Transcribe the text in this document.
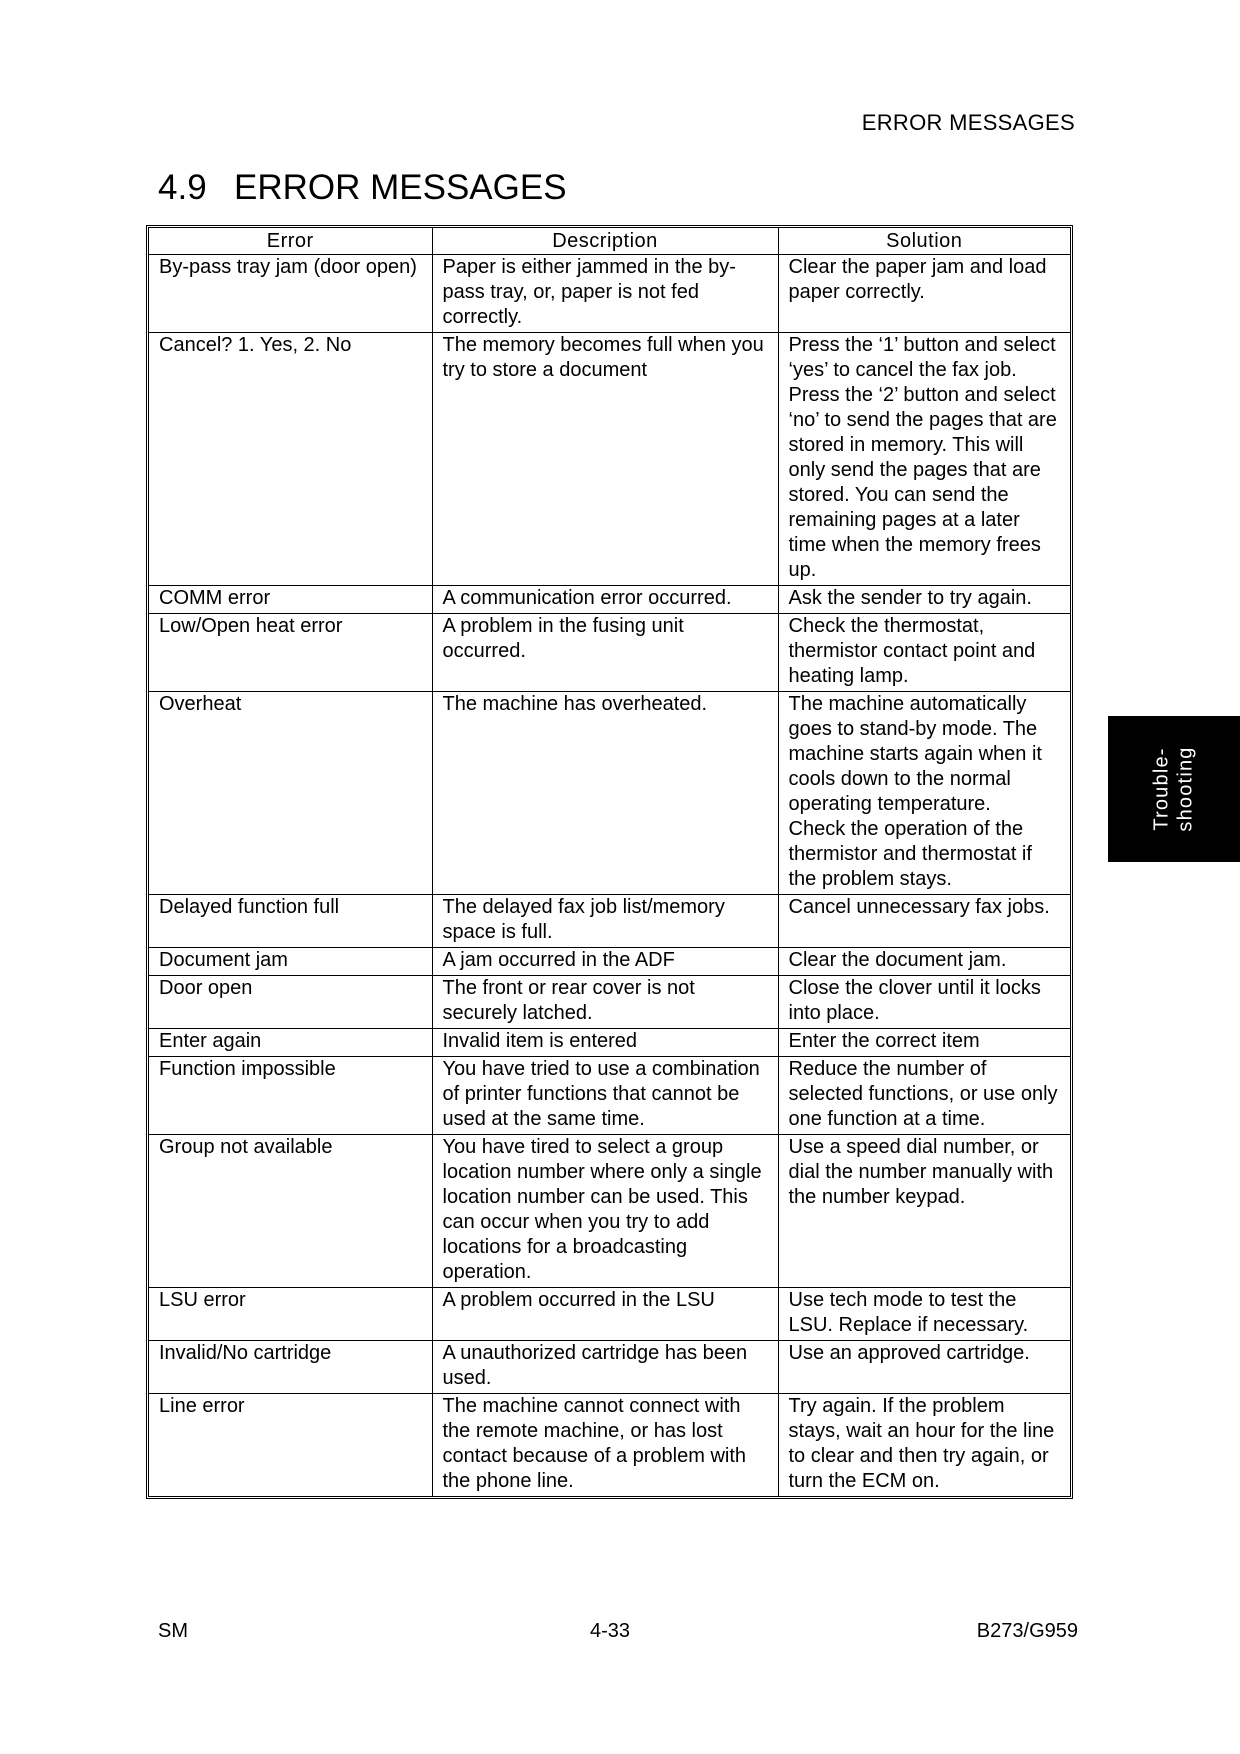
ERROR MESSAGES
4.9 ERROR MESSAGES
Error	Description	Solution
By-pass tray jam (door open)	Paper is either jammed in the by-pass tray, or, paper is not fed correctly.	Clear the paper jam and load paper correctly.

Cancel? 1. Yes, 2. No	The memory becomes full when you try to store a document	Press the ‘1’ button and select ‘yes’ to cancel the fax job.
Press the ‘2’ button and select ‘no’ to send the pages that are stored in memory. This will only send the pages that are stored. You can send the remaining pages at a later time when the memory frees up.

COMM error	A communication error occurred.	Ask the sender to try again.

Low/Open heat error	A problem in the fusing unit occurred.	Check the thermostat, thermistor contact point and heating lamp.

Overheat	The machine has overheated.	The machine automatically goes to stand-by mode. The machine starts again when it cools down to the normal operating temperature.
Check the operation of the thermistor and thermostat if the problem stays.

Delayed function full	The delayed fax job list/memory space is full.	Cancel unnecessary fax jobs.

Document jam	A jam occurred in the ADF	Clear the document jam.

Door open	The front or rear cover is not securely latched.	Close the clover until it locks into place.

Enter again	Invalid item is entered	Enter the correct item

Function impossible	You have tried to use a combination of printer functions that cannot be used at the same time.	Reduce the number of selected functions, or use only one function at a time.

Group not available	You have tired to select a group location number where only a single location number can be used. This can occur when you try to add locations for a broadcasting operation.	Use a speed dial number, or dial the number manually with the number keypad.

LSU error	A problem occurred in the LSU	Use tech mode to test the LSU. Replace if necessary.

Invalid/No cartridge	A unauthorized cartridge has been used.	Use an approved cartridge.

Line error	The machine cannot connect with the remote machine, or has lost contact because of a problem with the phone line.	Try again. If the problem stays, wait an hour for the line to clear and then try again, or turn the ECM on.
Trouble- shooting
SM	4-33	B273/G959
